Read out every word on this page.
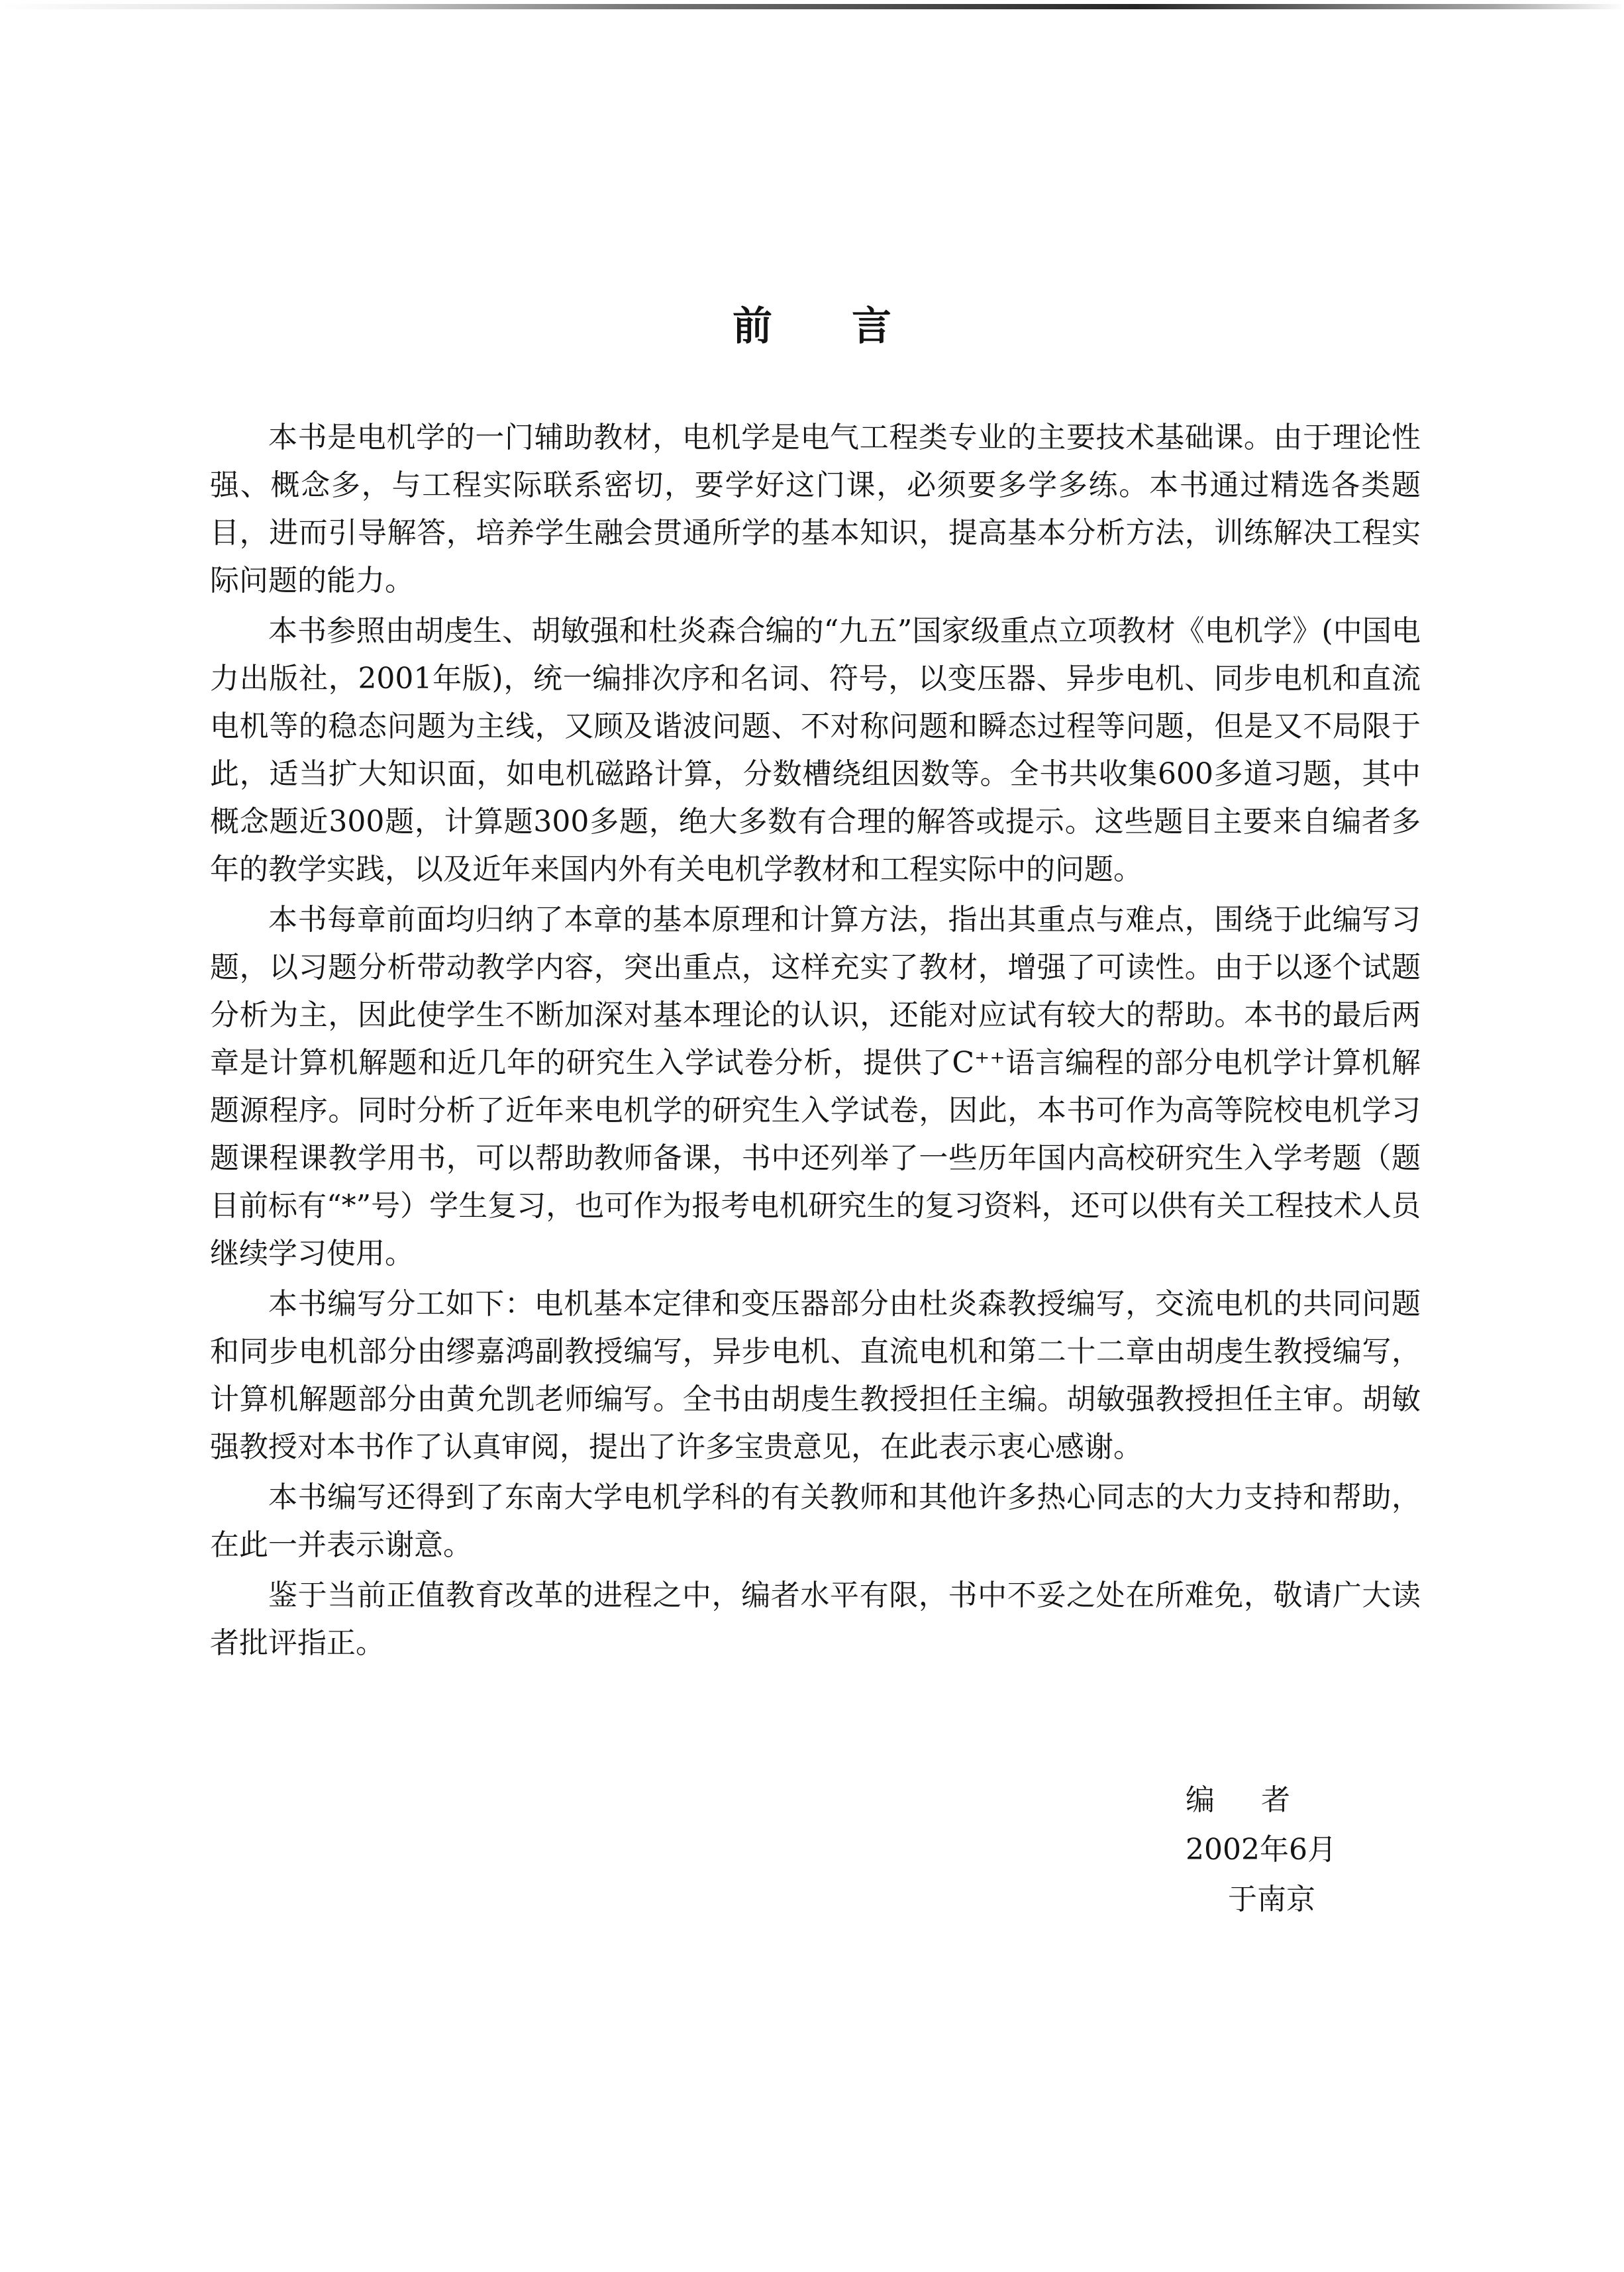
前言

本书是电机学的一门辅助教材，电机学是电气工程类专业的主要技术基础课。由于理论性强、概念多，与工程实际联系密切，要学好这门课，必须要多学多练。本书通过精选各类题目，进而引导解答，培养学生融会贯通所学的基本知识，提高基本分析方法，训练解决工程实际问题的能力。

本书参照由胡虔生、胡敏强和杜炎森合编的“九五”国家级重点立项教材《电机学》(中国电力出版社，2001年版)，统一编排次序和名词、符号，以变压器、异步电机、同步电机和直流电机等的稳态问题为主线，又顾及谐波问题、不对称问题和瞬态过程等问题，但是又不局限于此，适当扩大知识面，如电机磁路计算，分数槽绕组因数等。全书共收集600多道习题，其中概念题近300题，计算题300多题，绝大多数有合理的解答或提示。这些题目主要来自编者多年的教学实践，以及近年来国内外有关电机学教材和工程实际中的问题。

本书每章前面均归纳了本章的基本原理和计算方法，指出其重点与难点，围绕于此编写习题，以习题分析带动教学内容，突出重点，这样充实了教材，增强了可读性。由于以逐个试题分析为主，因此使学生不断加深对基本理论的认识，还能对应试有较大的帮助。本书的最后两章是计算机解题和近几年的研究生入学试卷分析，提供了C⁺⁺语言编程的部分电机学计算机解题源程序。同时分析了近年来电机学的研究生入学试卷，因此，本书可作为高等院校电机学习题课程课教学用书，可以帮助教师备课，书中还列举了一些历年国内高校研究生入学考题（题目前标有“*”号）学生复习，也可作为报考电机研究生的复习资料，还可以供有关工程技术人员继续学习使用。

本书编写分工如下：电机基本定律和变压器部分由杜炎森教授编写，交流电机的共同问题和同步电机部分由缪嘉鸿副教授编写，异步电机、直流电机和第二十二章由胡虔生教授编写，计算机解题部分由黄允凯老师编写。全书由胡虔生教授担任主编。胡敏强教授担任主审。胡敏强教授对本书作了认真审阅，提出了许多宝贵意见，在此表示衷心感谢。

本书编写还得到了东南大学电机学科的有关教师和其他许多热心同志的大力支持和帮助，在此一并表示谢意。

鉴于当前正值教育改革的进程之中，编者水平有限，书中不妥之处在所难免，敬请广大读者批评指正。

编者
2002年6月
于南京
